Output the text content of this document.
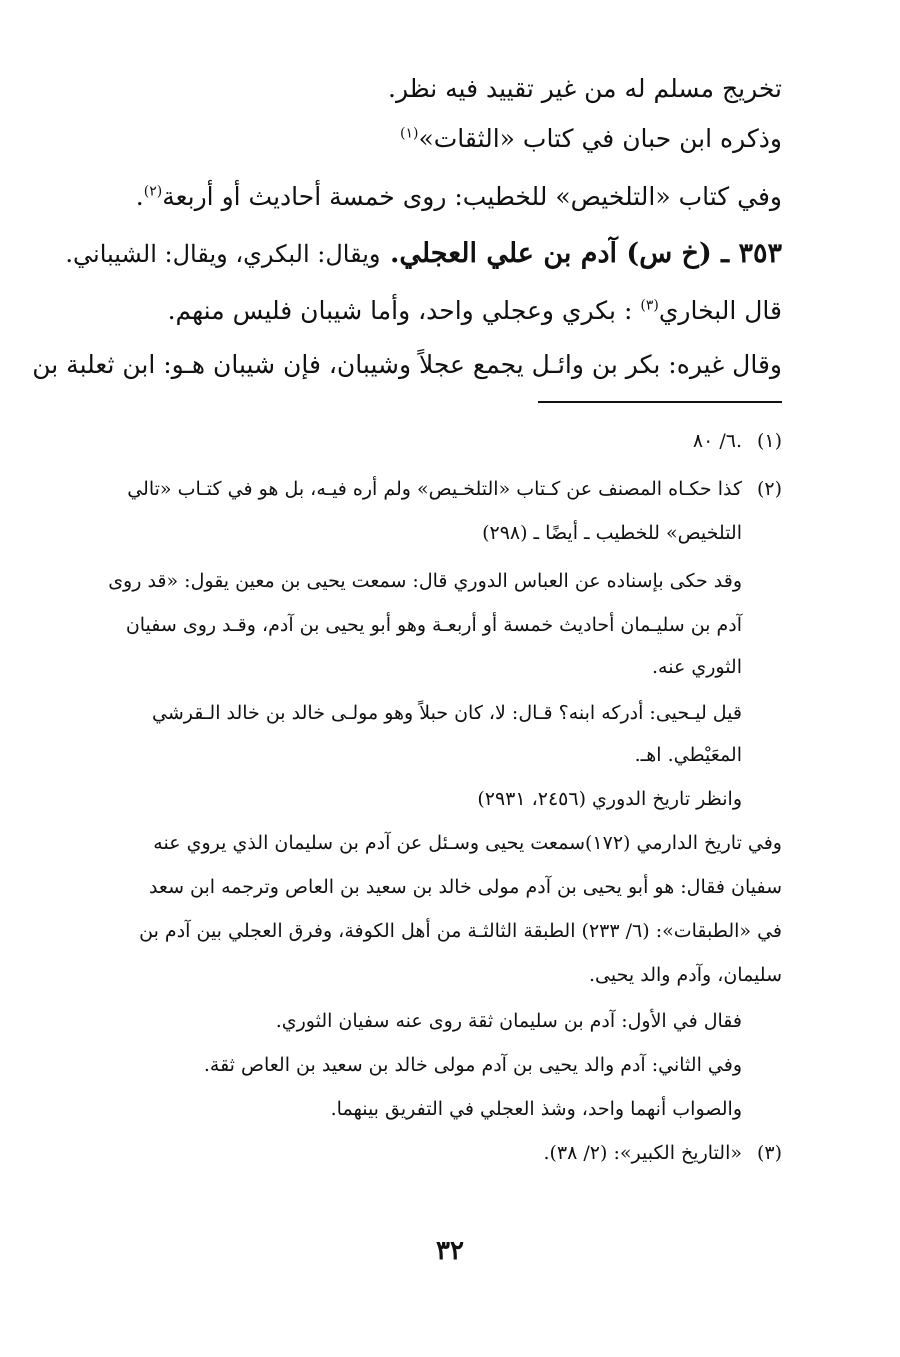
تخريج مسلم له من غير تقييد فيه نظر.
وذكره ابن حبان في كتاب «الثقات»$^{(١)}$
وفي كتاب «التلخيص» للخطيب: روى خمسة أحاديث أو أربعة$^{(٢)}$.
٣٥٣ ـ (خ س) آدم بن علي العجلي. ويقال: البكري، ويقال: الشيباني.
قال البخاري$^{(٣)}$ : بكري وعجلي واحد، وأما شيبان فليس منهم.
وقال غيره: بكر بن وائـل يجمع عجلاً وشيبان، فإن شيبان هـو: ابن ثعلبة بن
(١)
٦/ ٨٠.
(٢)
كذا حكـاه المصنف عن كـتاب «التلخـيص» ولم أره فيـه، بل هو في كتـاب «تالي
التلخيص» للخطيب ـ أيضًا ـ (٢٩٨)
وقد حكى بإسناده عن العباس الدوري قال: سمعت يحيى بن معين يقول: «قد روى
آدم بن سليـمان أحاديث خمسة أو أربعـة وهو أبو يحيى بن آدم، وقـد روى سفيان
الثوري عنه.
قيل ليـحيى: أدركه ابنه؟ قـال: لا، كان حبلاً وهو مولـى خالد بن خالد الـقرشي
المعَيْطي. اهـ.
وانظر تاريخ الدوري (٢٤٥٦، ٢٩٣١)
وفي تاريخ الدارمي (١٧٢)سمعت يحيى وسـئل عن آدم بن سليمان الذي يروي عنه
سفيان فقال: هو أبو يحيى بن آدم مولى خالد بن سعيد بن العاص وترجمه ابن سعد
في «الطبقات»: (٦/ ٢٣٣) الطبقة الثالثـة من أهل الكوفة، وفرق العجلي بين آدم بن
سليمان، وآدم والد يحيى.
فقال في الأول: آدم بن سليمان ثقة روى عنه سفيان الثوري.
وفي الثاني: آدم والد يحيى بن آدم مولى خالد بن سعيد بن العاص ثقة.
والصواب أنهما واحد، وشذ العجلي في التفريق بينهما.
(٣)
«التاريخ الكبير»: (٢/ ٣٨).
٣٢
